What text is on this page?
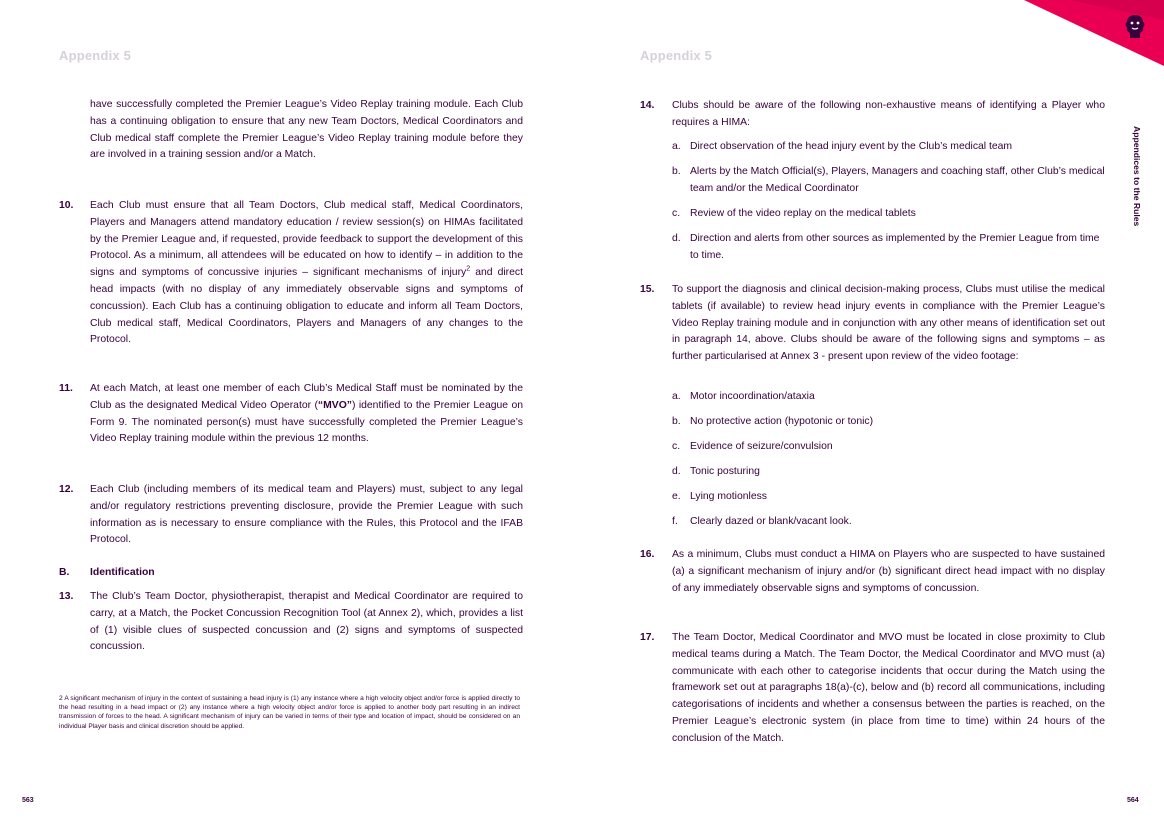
Appendix 5

have successfully completed the Premier League’s Video Replay training module. Each Club has a continuing obligation to ensure that any new Team Doctors, Medical Coordinators and Club medical staff complete the Premier League’s Video Replay training module before they are involved in a training session and/or a Match.

10. Each Club must ensure that all Team Doctors, Club medical staff, Medical Coordinators, Players and Managers attend mandatory education / review session(s) on HIMAs facilitated by the Premier League and, if requested, provide feedback to support the development of this Protocol. As a minimum, all attendees will be educated on how to identify – in addition to the signs and symptoms of concussive injuries – significant mechanisms of injury$^2$ and direct head impacts (with no display of any immediately observable signs and symptoms of concussion). Each Club has a continuing obligation to educate and inform all Team Doctors, Club medical staff, Medical Coordinators, Players and Managers of any changes to the Protocol.

11. At each Match, at least one member of each Club’s Medical Staff must be nominated by the Club as the designated Medical Video Operator (“MVO”) identified to the Premier League on Form 9. The nominated person(s) must have successfully completed the Premier League’s Video Replay training module within the previous 12 months.

12. Each Club (including members of its medical team and Players) must, subject to any legal and/or regulatory restrictions preventing disclosure, provide the Premier League with such information as is necessary to ensure compliance with the Rules, this Protocol and the IFAB Protocol.

B. Identification
13. The Club’s Team Doctor, physiotherapist, therapist and Medical Coordinator are required to carry, at a Match, the Pocket Concussion Recognition Tool (at Annex 2), which, provides a list of (1) visible clues of suspected concussion and (2) signs and symptoms of suspected concussion.

2 A significant mechanism of injury in the context of sustaining a head injury is (1) any instance where a high velocity object and/or force is applied directly to the head resulting in a head impact or (2) any instance where a high velocity object and/or force is applied to another body part resulting in an indirect transmission of forces to the head. A significant mechanism of injury can be varied in terms of their type and location of impact, should be considered on an individual Player basis and clinical discretion should be applied.
563
Appendix 5
Appendices to the Rules
14. Clubs should be aware of the following non-exhaustive means of identifying a Player who requires a HIMA:

a. Direct observation of the head injury event by the Club’s medical team
b. Alerts by the Match Official(s), Players, Managers and coaching staff, other Club’s medical team and/or the Medical Coordinator
c. Review of the video replay on the medical tablets
d. Direction and alerts from other sources as implemented by the Premier League from time to time.
15. To support the diagnosis and clinical decision-making process, Clubs must utilise the medical tablets (if available) to review head injury events in compliance with the Premier League’s Video Replay training module and in conjunction with any other means of identification set out in paragraph 14, above. Clubs should be aware of the following signs and symptoms – as further particularised at Annex 3 - present upon review of the video footage:

a. Motor incoordination/ataxia
b. No protective action (hypotonic or tonic)
c. Evidence of seizure/convulsion
d. Tonic posturing
e. Lying motionless
f. Clearly dazed or blank/vacant look.
16. As a minimum, Clubs must conduct a HIMA on Players who are suspected to have sustained (a) a significant mechanism of injury and/or (b) significant direct head impact with no display of any immediately observable signs and symptoms of concussion.

17. The Team Doctor, Medical Coordinator and MVO must be located in close proximity to Club medical teams during a Match. The Team Doctor, the Medical Coordinator and MVO must (a) communicate with each other to categorise incidents that occur during the Match using the framework set out at paragraphs 18(a)-(c), below and (b) record all communications, including categorisations of incidents and whether a consensus between the parties is reached, on the Premier League’s electronic system (in place from time to time) within 24 hours of the conclusion of the Match.

564
